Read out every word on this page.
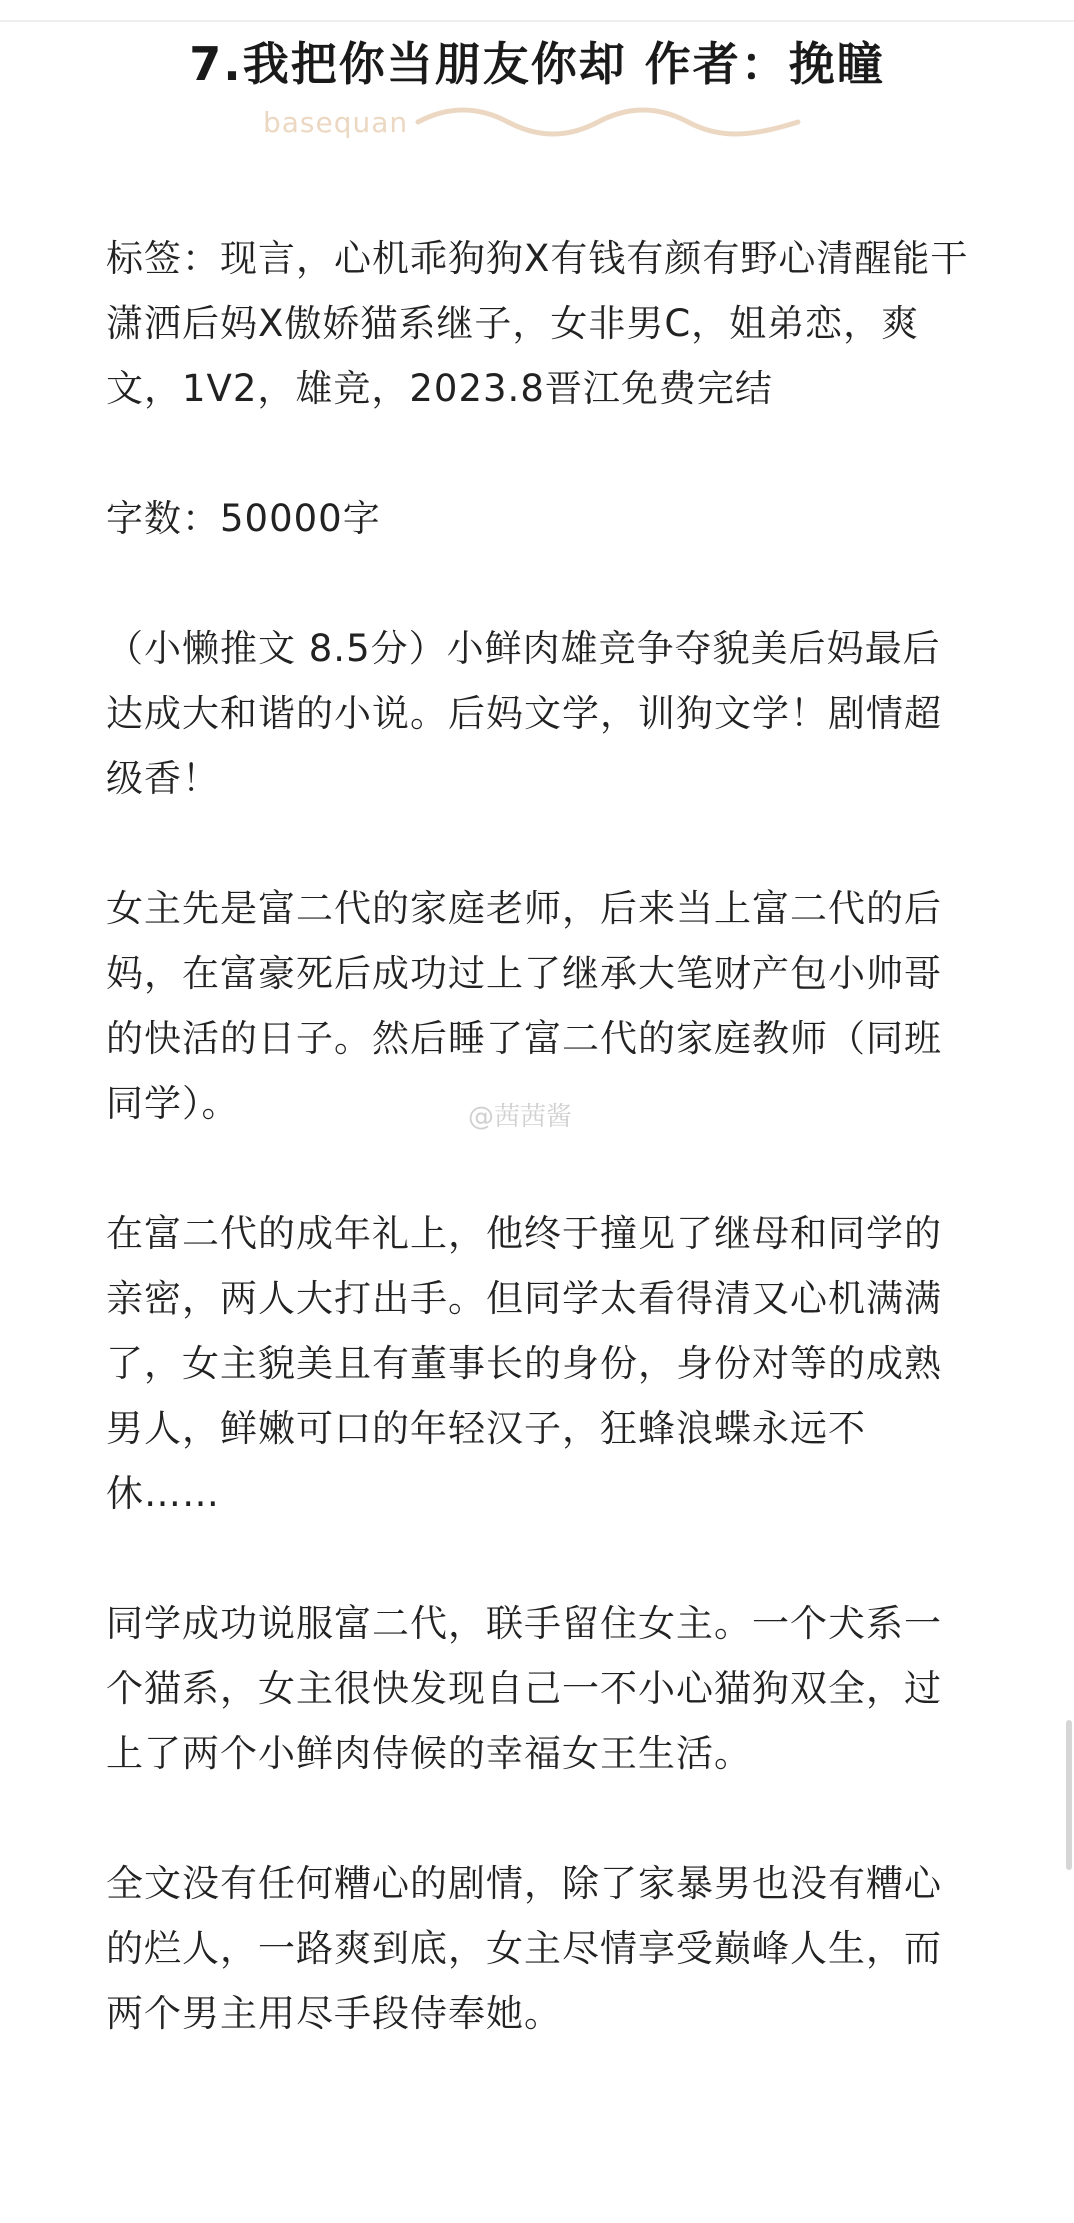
7.我把你当朋友你却 作者：挽瞳
basequan

标签：现言，心机乖狗狗X有钱有颜有野心清醒能干潇洒后妈X傲娇猫系继子，女非男C，姐弟恋，爽文，1V2，雄竞，2023.8晋江免费完结

字数：50000字

（小懒推文 8.5分）小鲜肉雄竞争夺貌美后妈最后达成大和谐的小说。后妈文学，训狗文学！剧情超级香！

女主先是富二代的家庭老师，后来当上富二代的后妈，在富豪死后成功过上了继承大笔财产包小帅哥的快活的日子。然后睡了富二代的家庭教师（同班同学）。

在富二代的成年礼上，他终于撞见了继母和同学的亲密，两人大打出手。但同学太看得清又心机满满了，女主貌美且有董事长的身份，身份对等的成熟男人，鲜嫩可口的年轻汉子，狂蜂浪蝶永远不休……

同学成功说服富二代，联手留住女主。一个犬系一个猫系，女主很快发现自己一不小心猫狗双全，过上了两个小鲜肉侍候的幸福女王生活。

全文没有任何糟心的剧情，除了家暴男也没有糟心的烂人，一路爽到底，女主尽情享受巅峰人生，而两个男主用尽手段侍奉她。

@茜茜酱
